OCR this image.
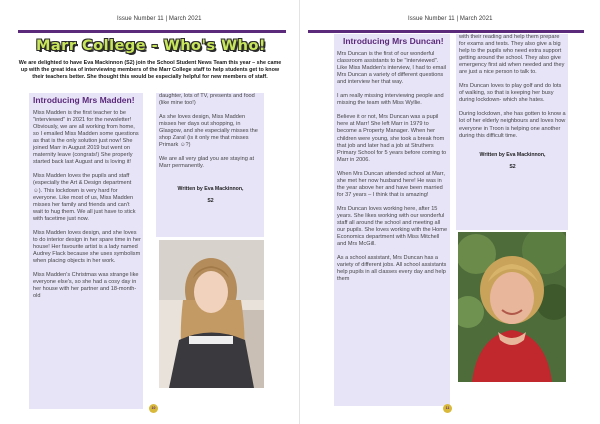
Issue Number 11 | March 2021
Marr College - Who's Who!
We are delighted to have Eva Mackinnon (S2) join the School Student News Team this year – she came up with the great idea of interviewing members of the Marr College staff to help students get to know their teachers better. She thought this would be especially helpful for new members of staff.
Introducing Mrs Madden!

Miss Madden is the first teacher to be "interviewed" in 2021 for the newsletter! Obviously, we are all working from home, so I emailed Miss Madden some questions as that is the only solution just now! She joined Marr in August 2019 but went on maternity leave (congrats!) She properly started back last August and is loving it!

Miss Madden loves the pupils and staff (especially the Art & Design department ☺). This lockdown is very hard for everyone. Like most of us, Miss Madden misses her family and friends and can't wait to hug them. We all just have to stick with facetime just now.

Miss Madden loves design, and she loves to do interior design in her spare time in her house! Her favourite artist is a lady named Audrey Flack because she uses symbolism when placing objects in her work.

Miss Madden's Christmas was strange like everyone else's, so she had a cosy day in her house with her partner and 18-month-old

daughter, lots of TV, presents and food (like mine too!)

As she loves design, Miss Madden misses her days out shopping, in Glasgow, and she especially misses the shop Zara! (is it only me that misses Primark ☺?)

We are all very glad you are staying at Marr permanently.

Written by Eva Mackinnon,
S2
10
Issue Number 11 | March 2021
Introducing Mrs Duncan!

Mrs Duncan is the first of our wonderful classroom assistants to be "interviewed". Like Miss Madden's interview, I had to email Mrs Duncan a variety of different questions and interview her that way.

I am really missing interviewing people and missing the team with Miss Wyllie.

Believe it or not, Mrs Duncan was a pupil here at Marr! She left Marr in 1979 to become a Property Manager. When her children were young, she took a break from that job and later had a job at Struthers Primary School for 5 years before coming to Marr in 2006.

When Mrs Duncan attended school at Marr, she met her now husband here! He was in the year above her and have been married for 37 years – I think that is amazing!

Mrs Duncan loves working here, after 15 years. She likes working with our wonderful staff all around the school and meeting all our pupils. She loves working with the Home Economics department with Miss Mitchell and Mrs McGill.

As a school assistant, Mrs Duncan has a variety of different jobs. All school assistants help pupils in all classes every day and help them

with their reading and help them prepare for exams and tests. They also give a big help to the pupils who need extra support getting around the school. They also give emergency first aid when needed and they are just a nice person to talk to.

Mrs Duncan loves to play golf and do lots of walking, so that is keeping her busy during lockdown- which she hates.

During lockdown, she has gotten to know a lot of her elderly neighbours and loves how everyone in Troon is helping one another during this difficult time.

Written by Eva Mackinnon,
S2
11
